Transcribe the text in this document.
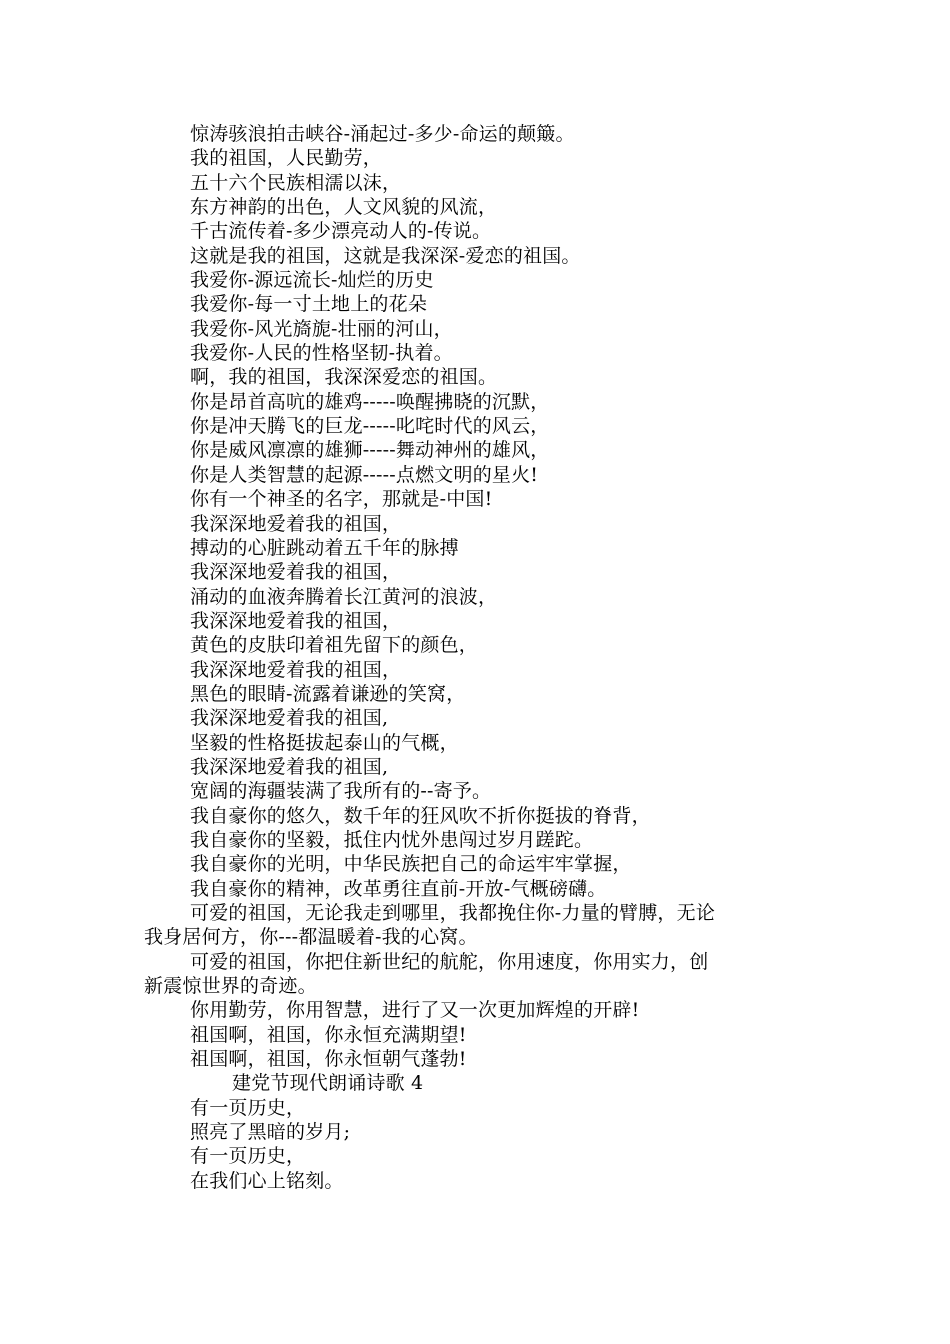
惊涛骇浪拍击峡谷-涌起过-多少-命运的颠簸。
我的祖国，人民勤劳，
五十六个民族相濡以沫，
东方神韵的出色，人文风貌的风流，
千古流传着-多少漂亮动人的-传说。
这就是我的祖国，这就是我深深-爱恋的祖国。
我爱你-源远流长-灿烂的历史
我爱你-每一寸土地上的花朵
我爱你-风光旖旎-壮丽的河山，
我爱你-人民的性格坚韧-执着。
啊，我的祖国，我深深爱恋的祖国。
你是昂首高吭的雄鸡-----唤醒拂晓的沉默，
你是冲天腾飞的巨龙-----叱咤时代的风云，
你是威风凛凛的雄狮-----舞动神州的雄风，
你是人类智慧的起源-----点燃文明的星火!
你有一个神圣的名字，那就是-中国!
我深深地爱着我的祖国，
搏动的心脏跳动着五千年的脉搏
我深深地爱着我的祖国，
涌动的血液奔腾着长江黄河的浪波，
我深深地爱着我的祖国，
黄色的皮肤印着祖先留下的颜色，
我深深地爱着我的祖国，
黑色的眼睛-流露着谦逊的笑窝，
我深深地爱着我的祖国,
坚毅的性格挺拔起泰山的气概，
我深深地爱着我的祖国,
宽阔的海疆装满了我所有的--寄予。
我自豪你的悠久，数千年的狂风吹不折你挺拔的脊背，
我自豪你的坚毅，抵住内忧外患闯过岁月蹉跎。
我自豪你的光明，中华民族把自己的命运牢牢掌握，
我自豪你的精神，改革勇往直前-开放-气概磅礴。
可爱的祖国，无论我走到哪里，我都挽住你-力量的臂膊，无论
我身居何方，你---都温暖着-我的心窝。
可爱的祖国，你把住新世纪的航舵，你用速度，你用实力，创
新震惊世界的奇迹。
你用勤劳，你用智慧，进行了又一次更加辉煌的开辟!
祖国啊，祖国，你永恒充满期望!
祖国啊，祖国，你永恒朝气蓬勃!
建党节现代朗诵诗歌 4
有一页历史，
照亮了黑暗的岁月;
有一页历史，
在我们心上铭刻。
